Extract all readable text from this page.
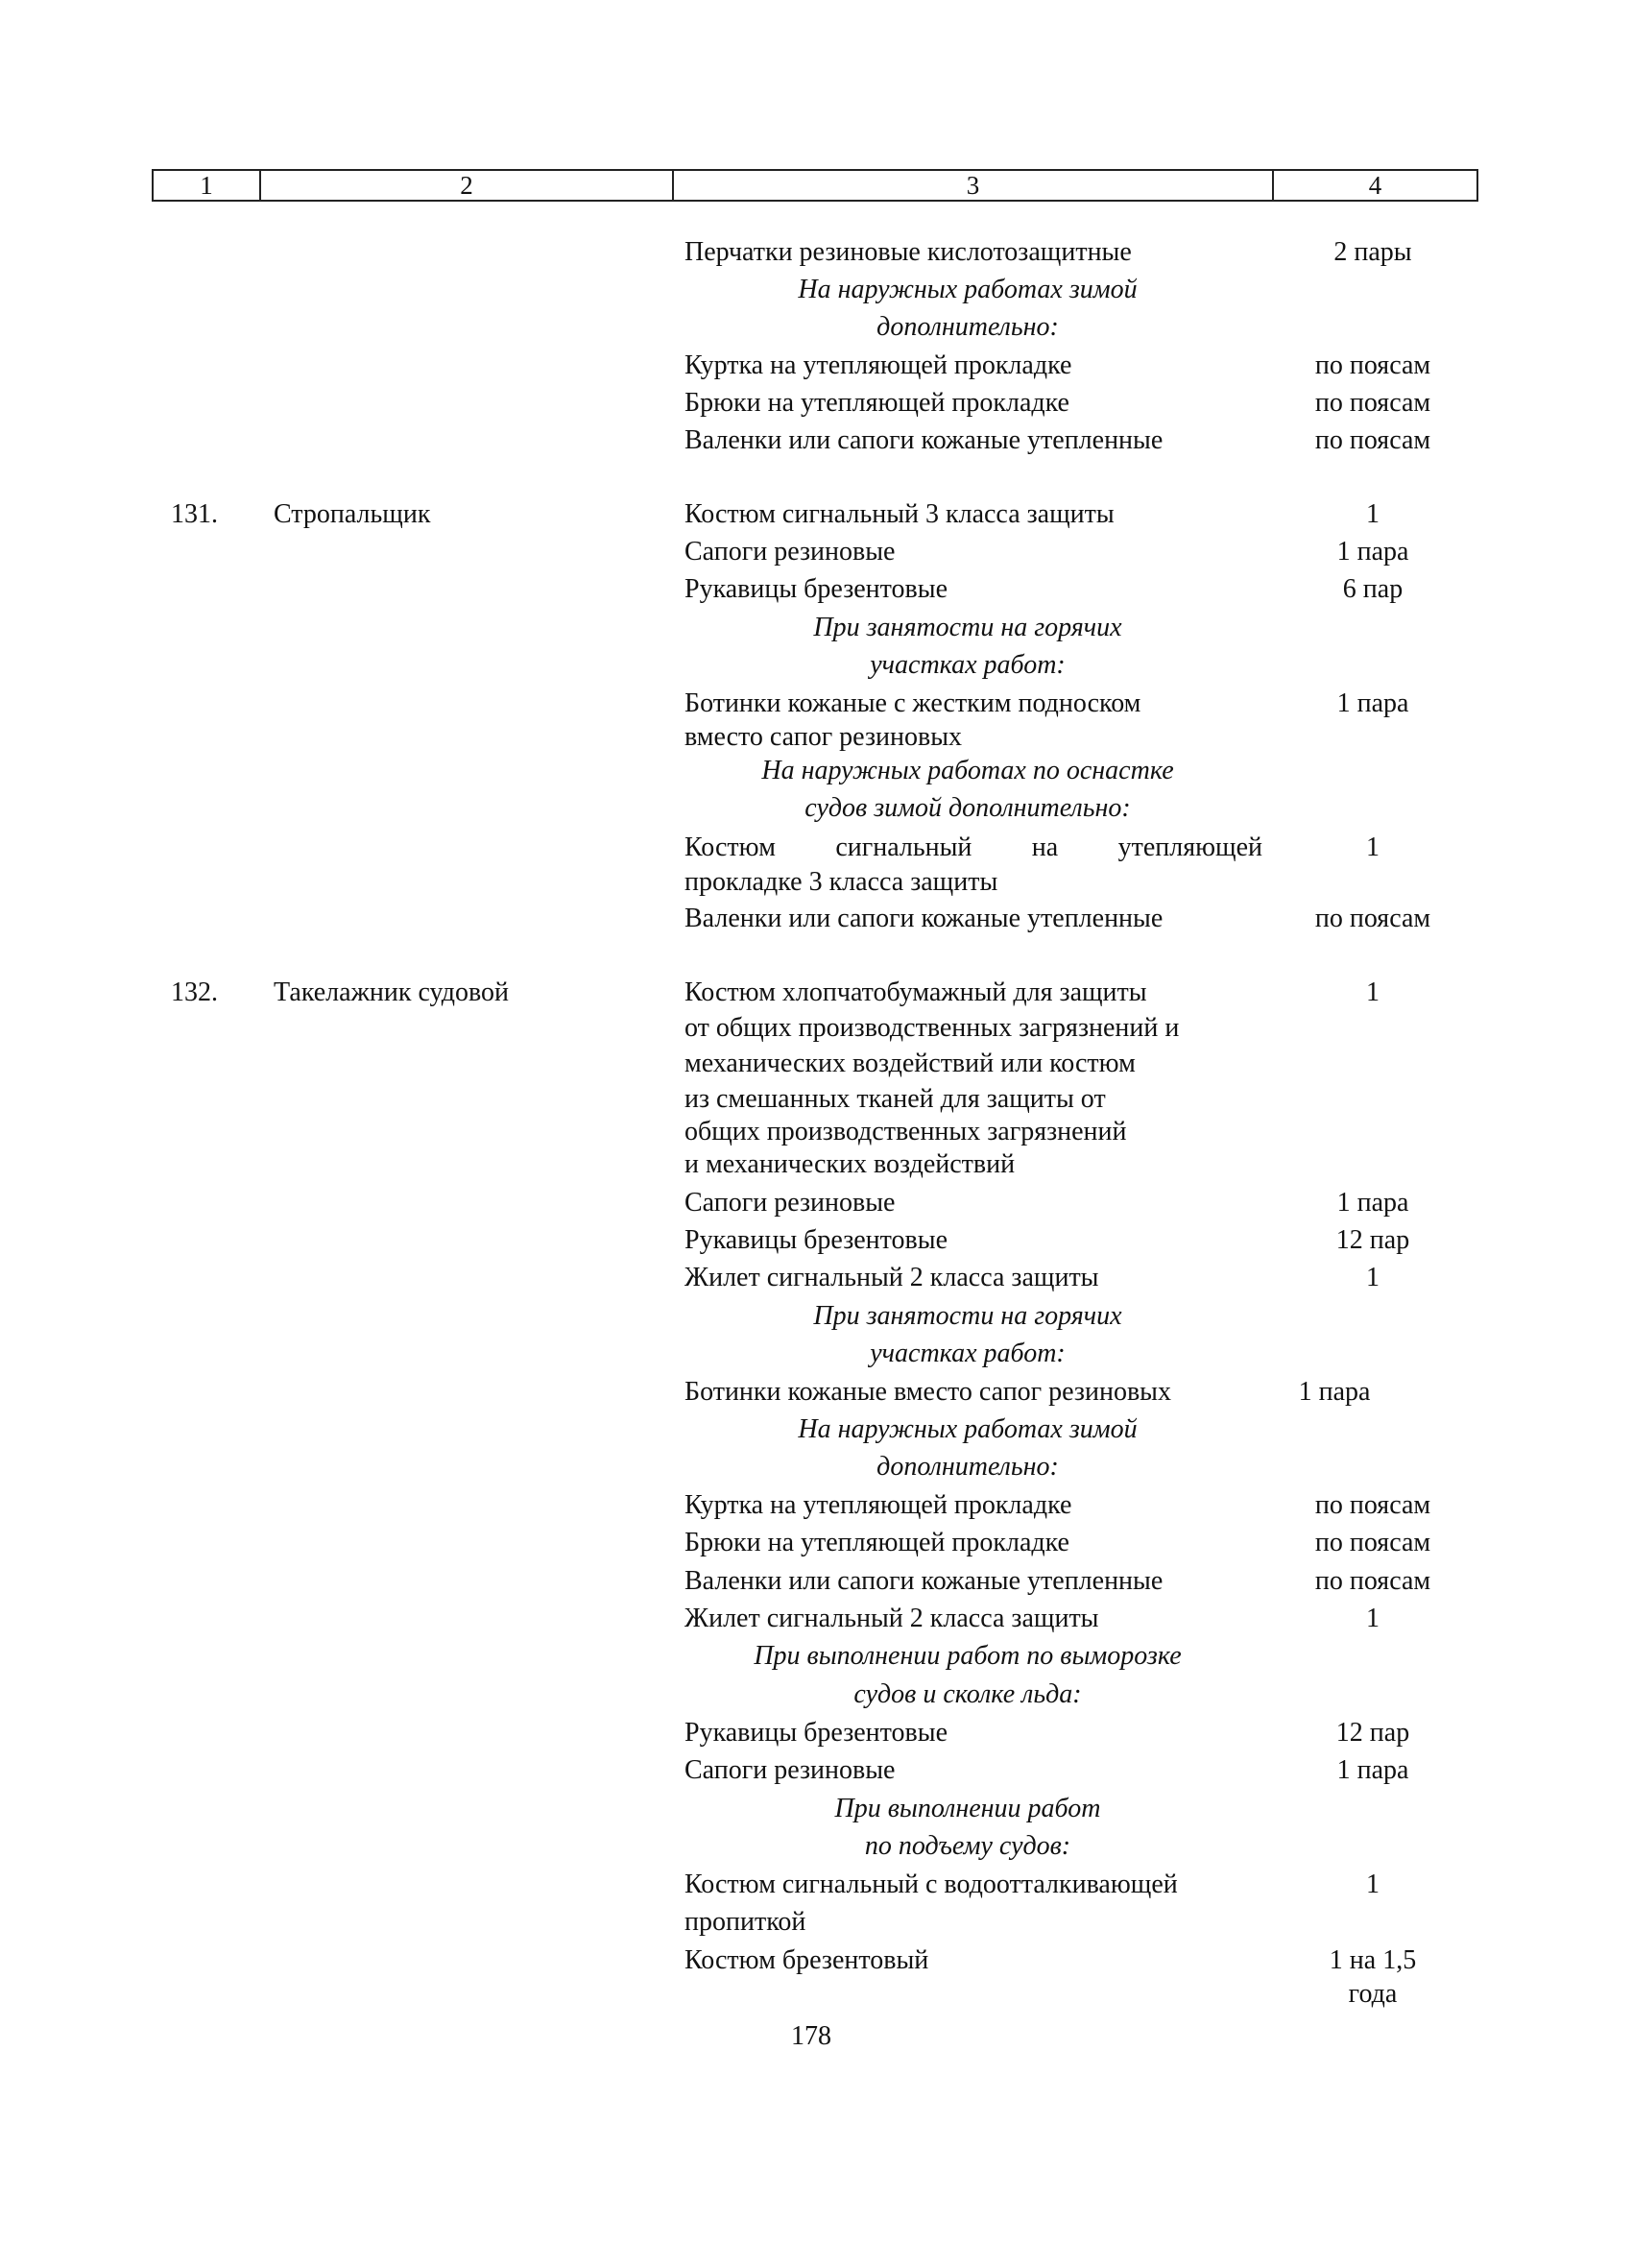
1	2	3	4
Перчатки резиновые кислотозащитные	2 пары
На наружных работах зимой
дополнительно:
Куртка на утепляющей прокладке	по поясам
Брюки на утепляющей прокладке	по поясам
Валенки или сапоги кожаные утепленные	по поясам
131. Стропальщик	Костюм сигнальный 3 класса защиты	1
Сапоги резиновые	1 пара
Рукавицы брезентовые	6 пар
При занятости на горячих
участках работ:
Ботинки кожаные с жестким подноском	1 пара
вместо сапог резиновых
На наружных работах по оснастке
судов зимой дополнительно:
Костюм сигнальный на утепляющей	1
прокладке 3 класса защиты
Валенки или сапоги кожаные утепленные	по поясам
132. Такелажник судовой	Костюм хлопчатобумажный для защиты	1
от общих производственных загрязнений и
механических воздействий или костюм
из смешанных тканей для защиты от
общих производственных загрязнений
и механических воздействий
Сапоги резиновые	1 пара
Рукавицы брезентовые	12 пар
Жилет сигнальный 2 класса защиты	1
При занятости на горячих
участках работ:
Ботинки кожаные вместо сапог резиновых	1 пара
На наружных работах зимой
дополнительно:
Куртка на утепляющей прокладке	по поясам
Брюки на утепляющей прокладке	по поясам
Валенки или сапоги кожаные утепленные	по поясам
Жилет сигнальный 2 класса защиты	1
При выполнении работ по выморозке
судов и сколке льда:
Рукавицы брезентовые	12 пар
Сапоги резиновые	1 пара
При выполнении работ
по подъему судов:
Костюм сигнальный с водоотталкивающей	1
пропиткой
Костюм брезентовый	1 на 1,5
года
178
